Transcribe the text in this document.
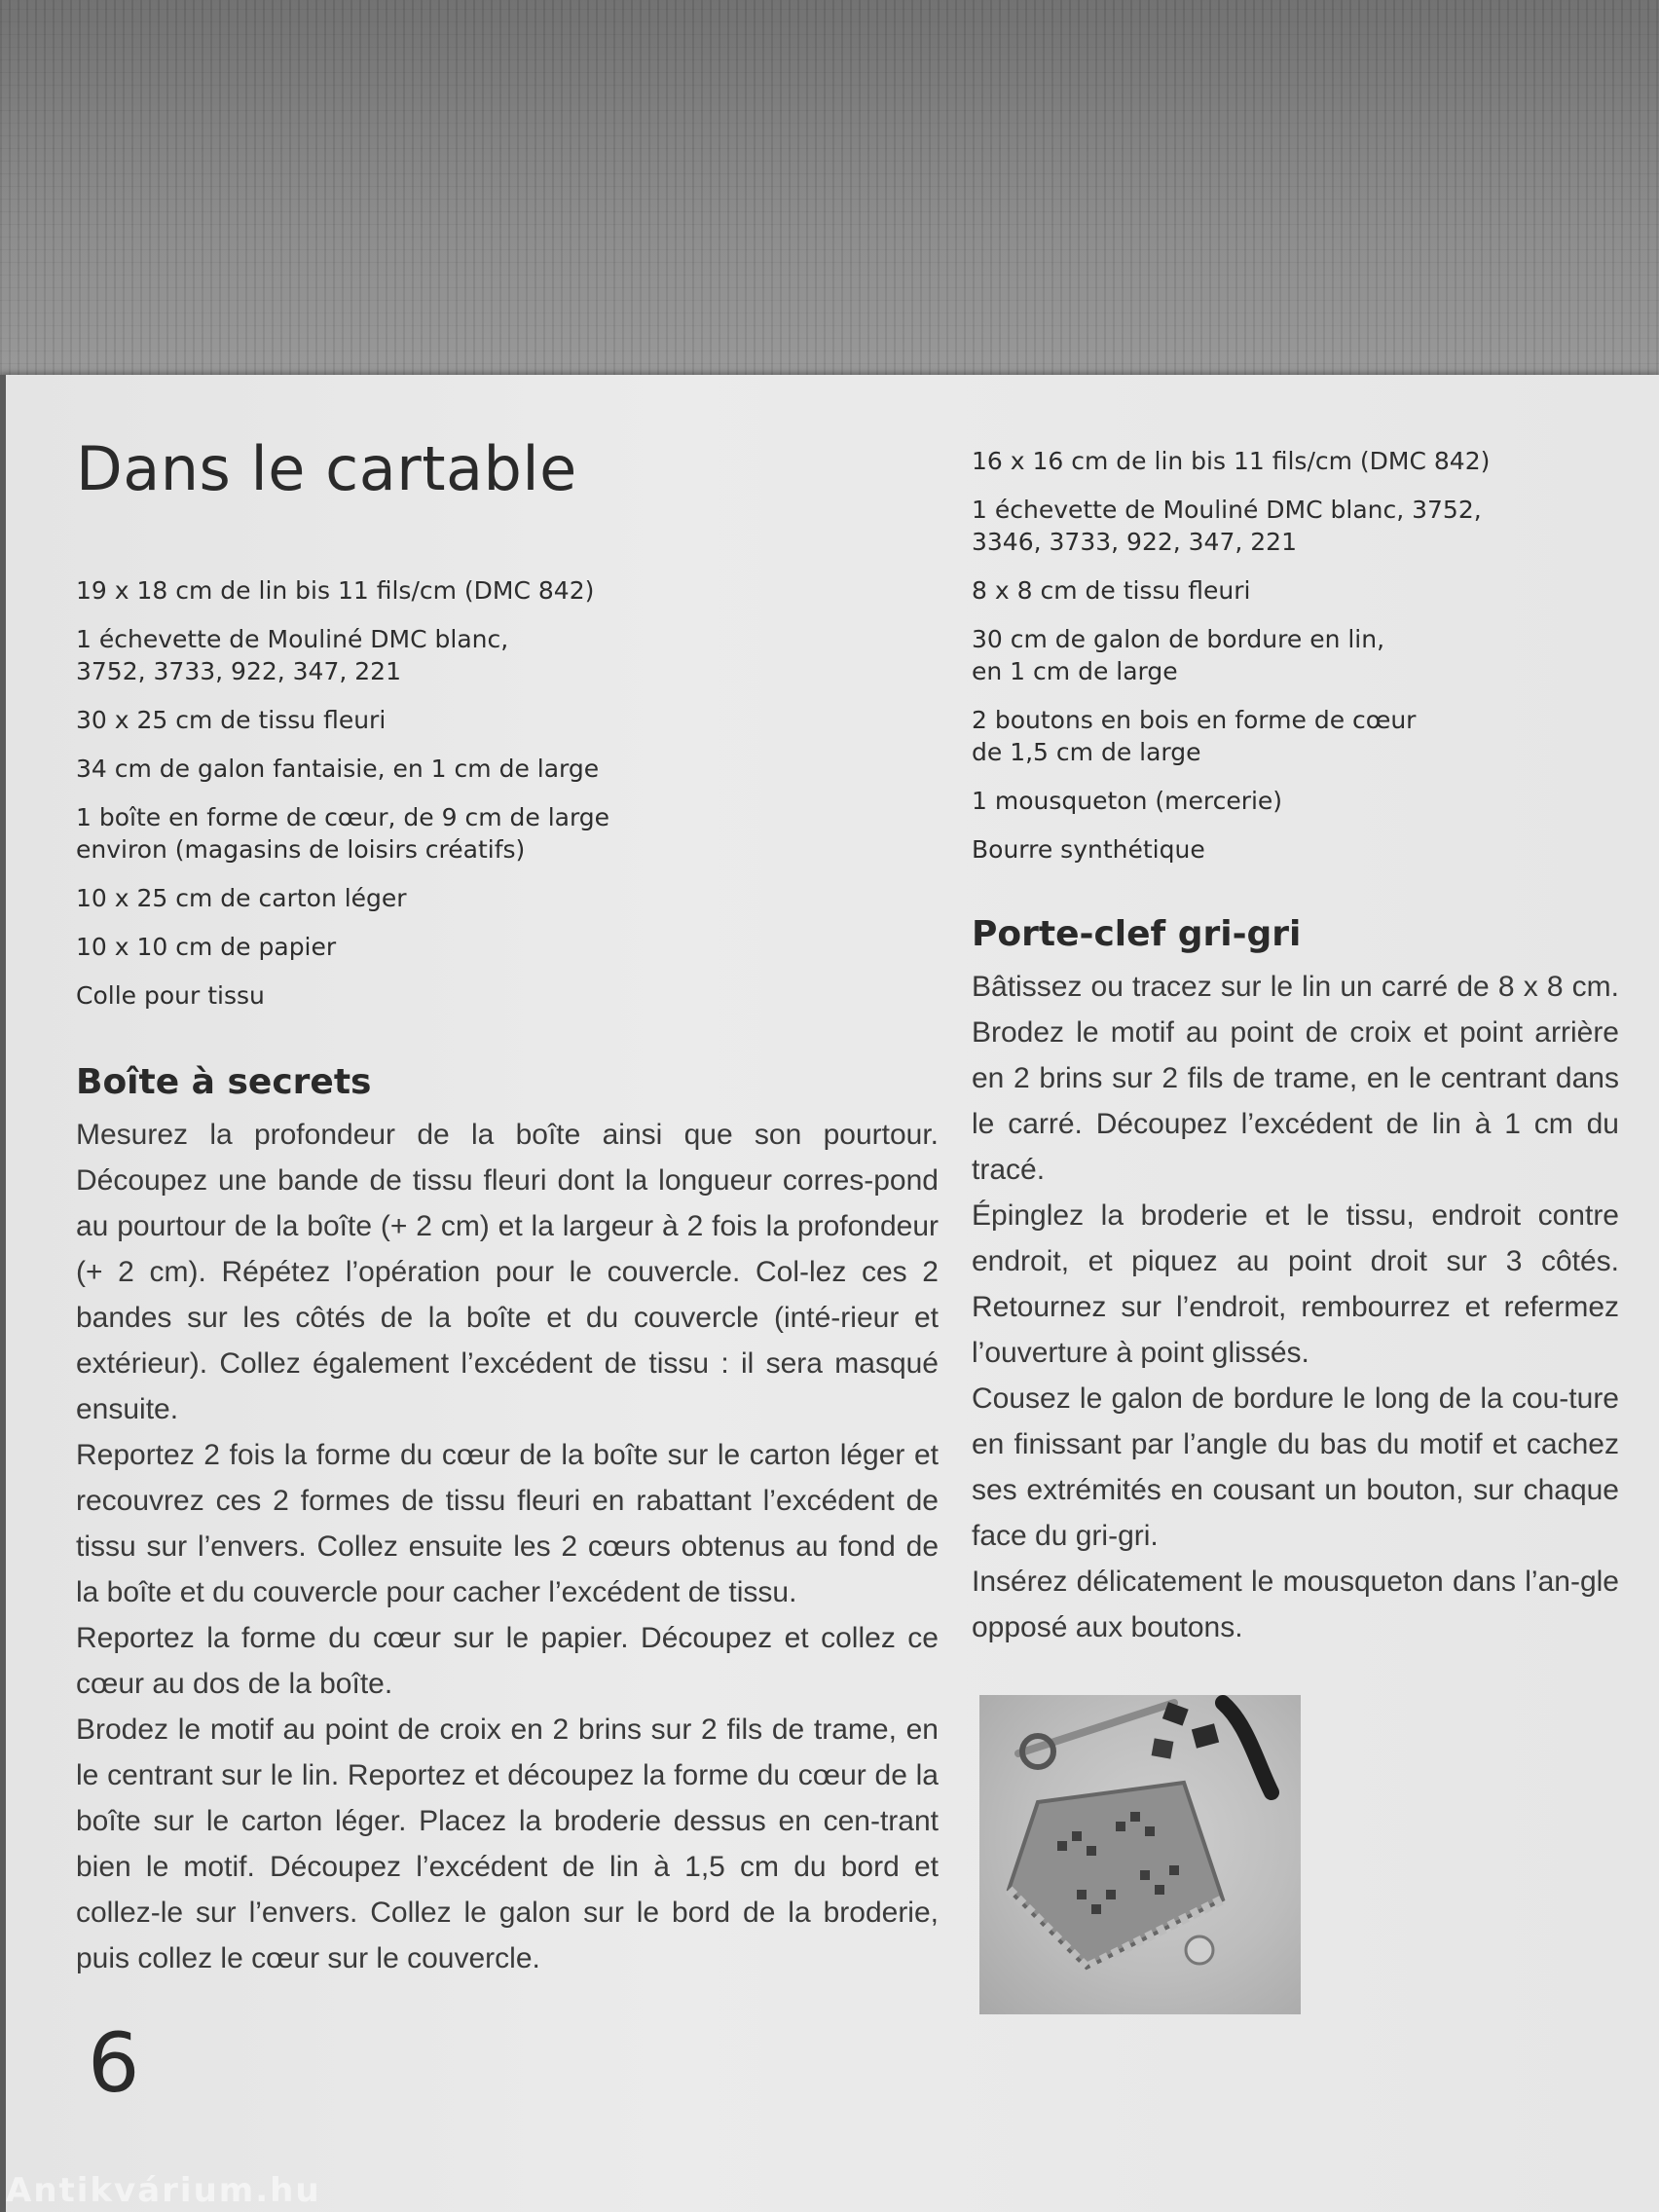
Dans le cartable
19 x 18 cm de lin bis 11 fils/cm (DMC 842)
1 échevette de Mouliné DMC blanc,
3752, 3733, 922, 347, 221
30 x 25 cm de tissu fleuri
34 cm de galon fantaisie, en 1 cm de large
1 boîte en forme de cœur, de 9 cm de large
environ (magasins de loisirs créatifs)
10 x 25 cm de carton léger
10 x 10 cm de papier
Colle pour tissu
Boîte à secrets

Mesurez la profondeur de la boîte ainsi que son pourtour. Découpez une bande de tissu fleuri dont la longueur corres-pond au pourtour de la boîte (+ 2 cm) et la largeur à 2 fois la profondeur (+ 2 cm). Répétez l’opération pour le couvercle. Col-lez ces 2 bandes sur les côtés de la boîte et du couvercle (inté-rieur et extérieur). Collez également l’excédent de tissu : il sera masqué ensuite.

Reportez 2 fois la forme du cœur de la boîte sur le carton léger et recouvrez ces 2 formes de tissu fleuri en rabattant l’excédent de tissu sur l’envers. Collez ensuite les 2 cœurs obtenus au fond de la boîte et du couvercle pour cacher l’excédent de tissu.

Reportez la forme du cœur sur le papier. Découpez et collez ce cœur au dos de la boîte.

Brodez le motif au point de croix en 2 brins sur 2 fils de trame, en le centrant sur le lin. Reportez et découpez la forme du cœur de la boîte sur le carton léger. Placez la broderie dessus en cen-trant bien le motif. Découpez l’excédent de lin à 1,5 cm du bord et collez-le sur l’envers. Collez le galon sur le bord de la broderie, puis collez le cœur sur le couvercle.

16 x 16 cm de lin bis 11 fils/cm (DMC 842)
1 échevette de Mouliné DMC blanc, 3752,
3346, 3733, 922, 347, 221
8 x 8 cm de tissu fleuri
30 cm de galon de bordure en lin,
en 1 cm de large
2 boutons en bois en forme de cœur
de 1,5 cm de large
1 mousqueton (mercerie)
Bourre synthétique
Porte-clef gri-gri

Bâtissez ou tracez sur le lin un carré de 8 x 8 cm. Brodez le motif au point de croix et point arrière en 2 brins sur 2 fils de trame, en le centrant dans le carré. Découpez l’excédent de lin à 1 cm du tracé.

Épinglez la broderie et le tissu, endroit contre endroit, et piquez au point droit sur 3 côtés. Retournez sur l’endroit, rembourrez et refermez l’ouverture à point glissés.

Cousez le galon de bordure le long de la cou-ture en finissant par l’angle du bas du motif et cachez ses extrémités en cousant un bouton, sur chaque face du gri-gri.

Insérez délicatement le mousqueton dans l’an-gle opposé aux boutons.

6

Antikvárium.hu
